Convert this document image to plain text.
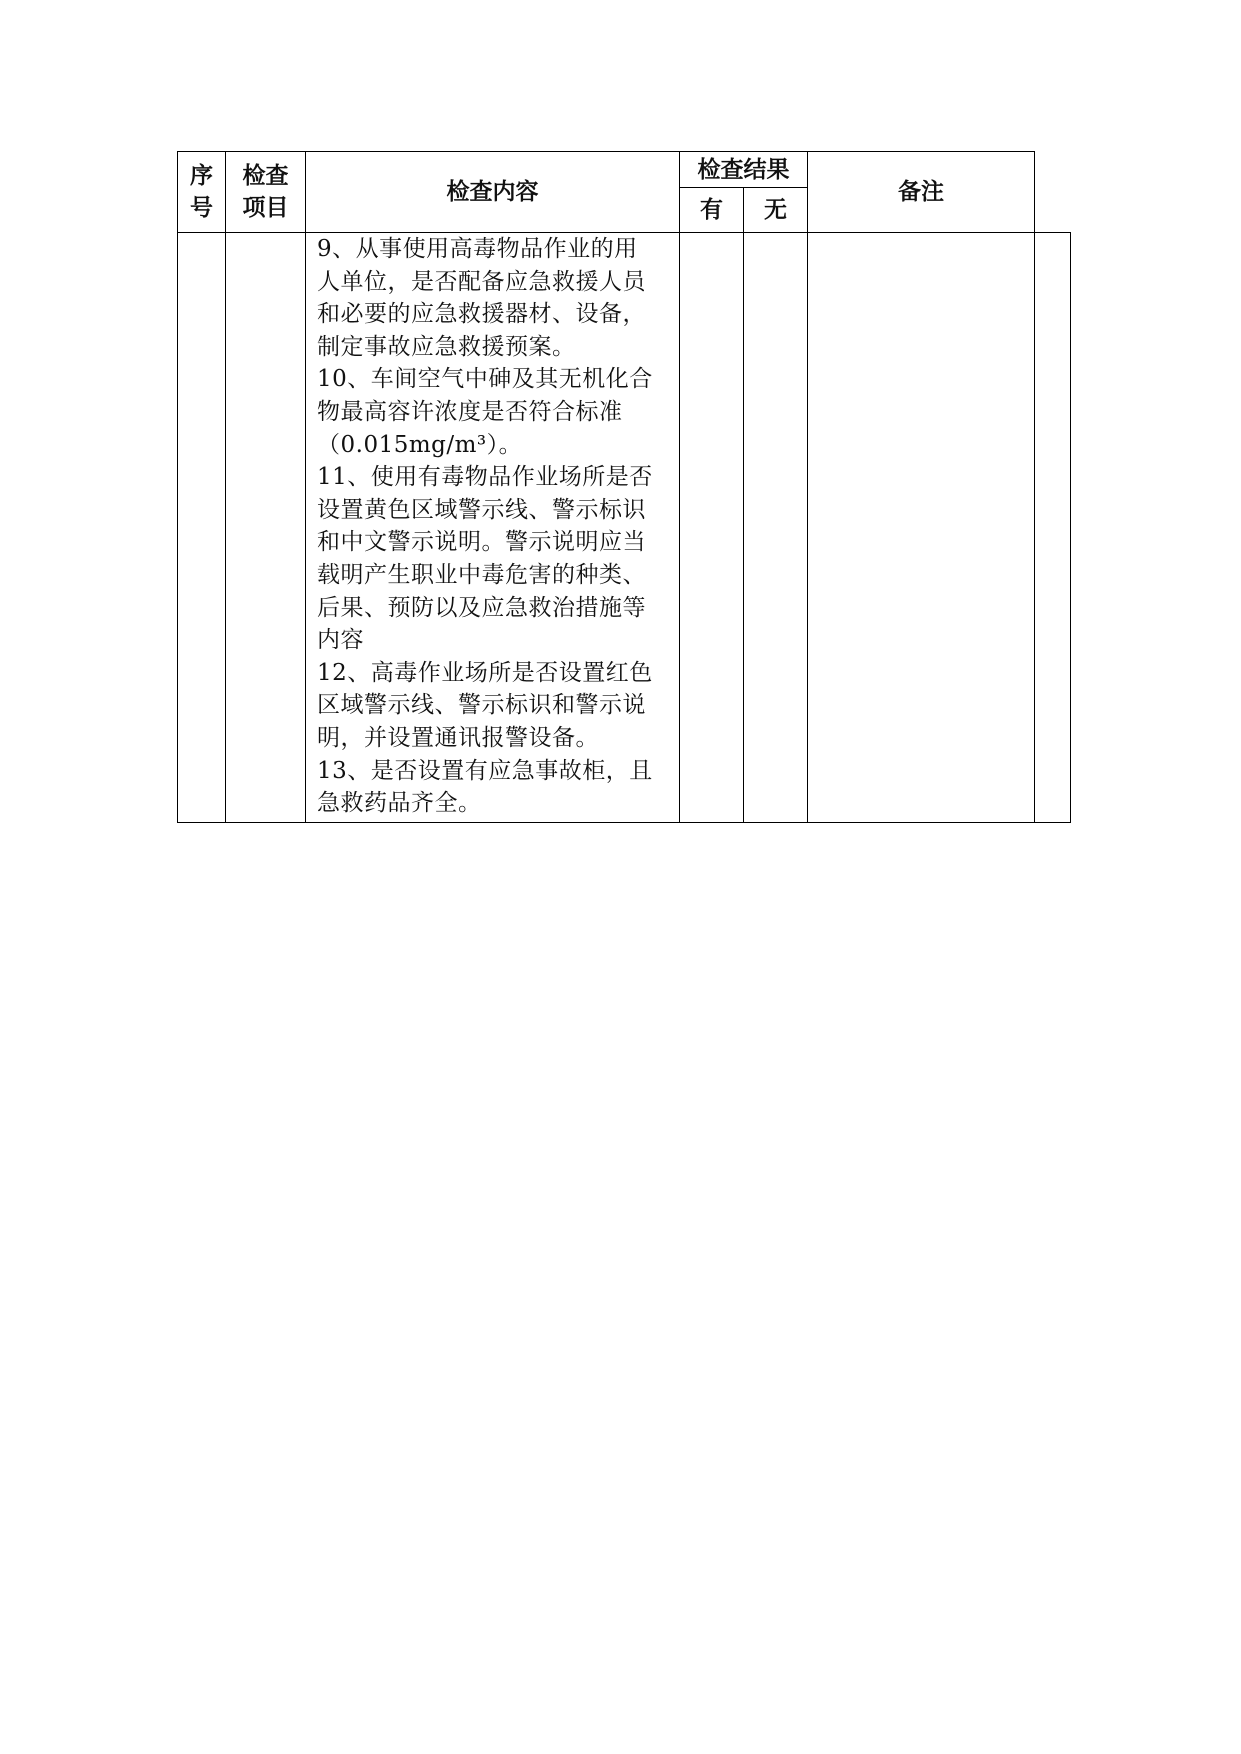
序
号
检查
项目
检查内容
检查结果
有 无
备注
9、从事使用高毒物品作业的用
人单位，是否配备应急救援人员
和必要的应急救援器材、设备，
制定事故应急救援预案。
10、车间空气中砷及其无机化合
物最高容许浓度是否符合标准
（0.015mg/m³）。
11、使用有毒物品作业场所是否
设置黄色区域警示线、警示标识
和中文警示说明。警示说明应当
载明产生职业中毒危害的种类、
后果、预防以及应急救治措施等
内容
12、高毒作业场所是否设置红色
区域警示线、警示标识和警示说
明，并设置通讯报警设备。
13、是否设置有应急事故柜，且
急救药品齐全。
